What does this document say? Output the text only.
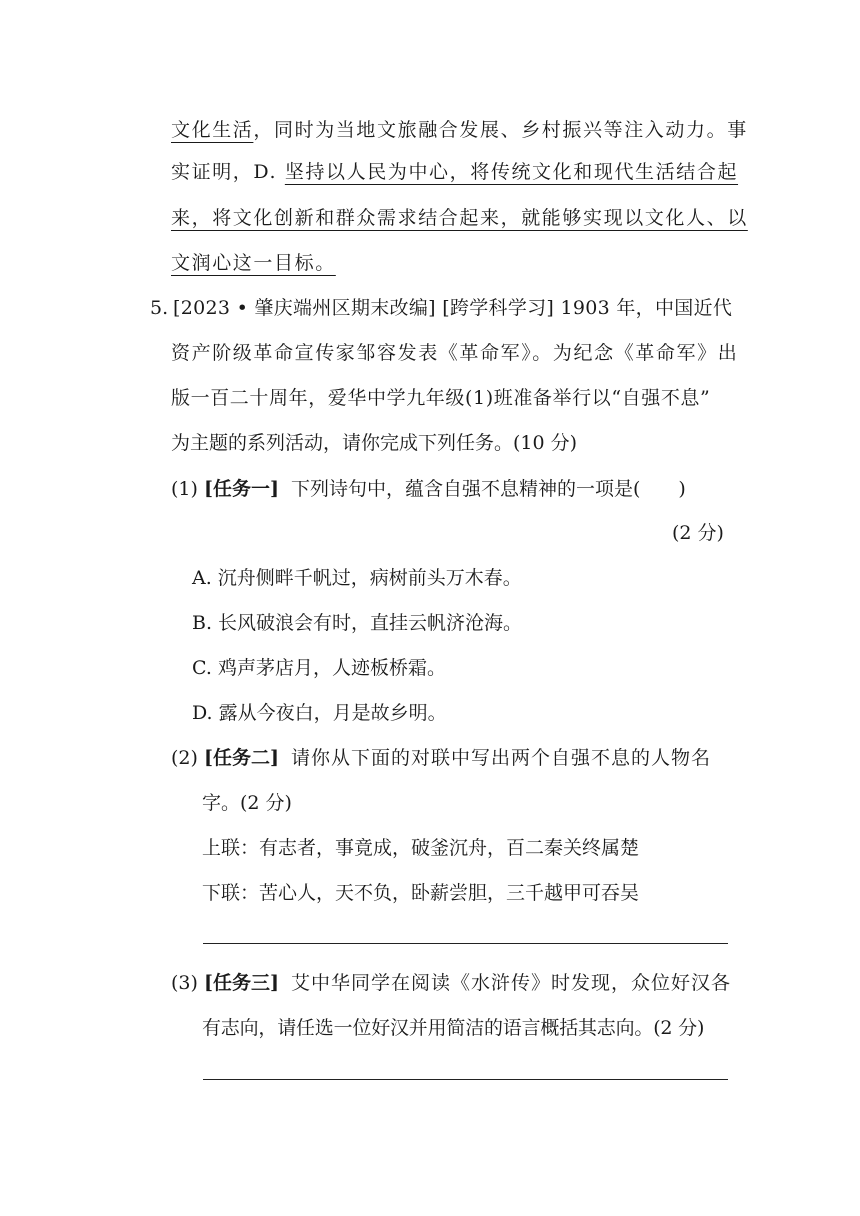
文化生活，同时为当地文旅融合发展、乡村振兴等注入动力。事
实证明，D. 坚持以人民为中心，将传统文化和现代生活结合起
来，将文化创新和群众需求结合起来，就能够实现以文化人、以
文润心这一目标。
5. [2023 • 肇庆端州区期末改编] [跨学科学习] 1903 年，中国近代
资产阶级革命宣传家邹容发表《革命军》。为纪念《革命军》出
版一百二十周年，爱华中学九年级(1)班准备举行以“自强不息”
为主题的系列活动，请你完成下列任务。(10 分)
(1) [任务一] 下列诗句中，蕴含自强不息精神的一项是(　　)
(2 分)
A. 沉舟侧畔千帆过，病树前头万木春。
B. 长风破浪会有时，直挂云帆济沧海。
C. 鸡声茅店月，人迹板桥霜。
D. 露从今夜白，月是故乡明。
(2) [任务二] 请你从下面的对联中写出两个自强不息的人物名
字。(2 分)
上联：有志者，事竟成，破釜沉舟，百二秦关终属楚
下联：苦心人，天不负，卧薪尝胆，三千越甲可吞吴
(3) [任务三] 艾中华同学在阅读《水浒传》时发现，众位好汉各
有志向，请任选一位好汉并用简洁的语言概括其志向。(2 分)
